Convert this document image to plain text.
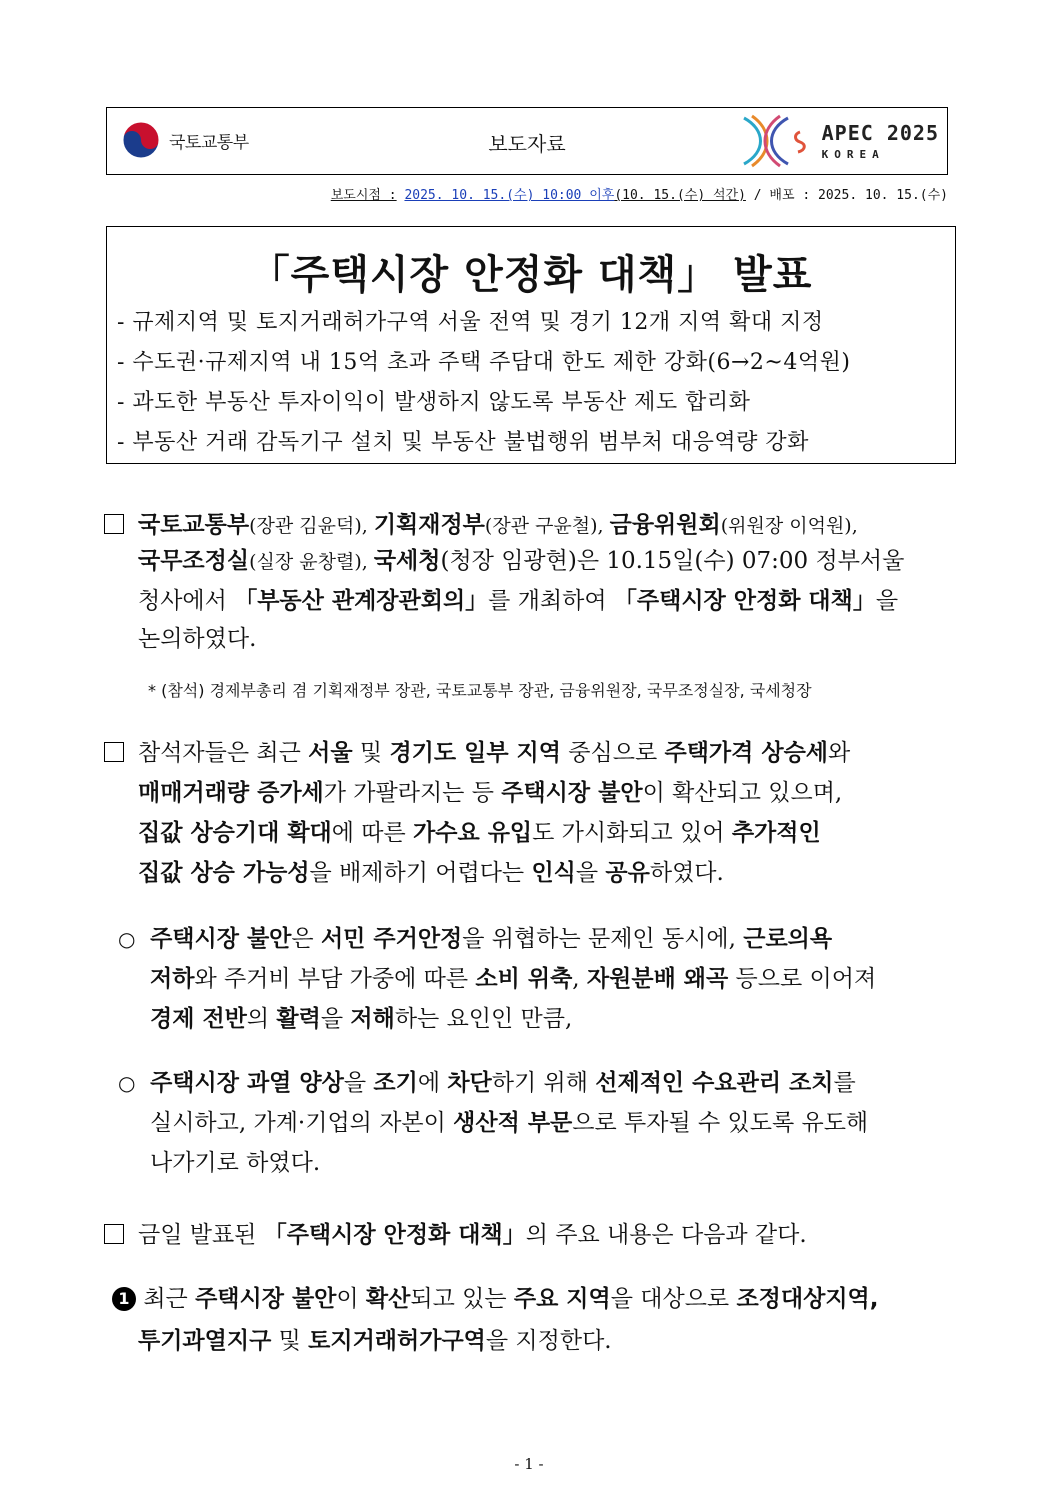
국토교통부	보도자료	APEC 2025
KOREA
보도시점 : 2025. 10. 15.(수) 10:00 이후(10. 15.(수) 석간) / 배포 : 2025. 10. 15.(수)
「주택시장 안정화 대책」 발표
- 규제지역 및 토지거래허가구역 서울 전역 및 경기 12개 지역 확대 지정
- 수도권·규제지역 내 15억 초과 주택 주담대 한도 제한 강화(6→2~4억원)
- 과도한 부동산 투자이익이 발생하지 않도록 부동산 제도 합리화
- 부동산 거래 감독기구 설치 및 부동산 불법행위 범부처 대응역량 강화
국토교통부(장관 김윤덕), 기획재정부(장관 구윤철), 금융위원회(위원장 이억원),
국무조정실(실장 윤창렬), 국세청(청장 임광현)은 10.15일(수) 07:00 정부서울
청사에서 「부동산 관계장관회의」를 개최하여 「주택시장 안정화 대책」을
논의하였다.
* (참석) 경제부총리 겸 기획재정부 장관, 국토교통부 장관, 금융위원장, 국무조정실장, 국세청장
참석자들은 최근 서울 및 경기도 일부 지역 중심으로 주택가격 상승세와
매매거래량 증가세가 가팔라지는 등 주택시장 불안이 확산되고 있으며,
집값 상승기대 확대에 따른 가수요 유입도 가시화되고 있어 추가적인
집값 상승 가능성을 배제하기 어렵다는 인식을 공유하였다.
○ 주택시장 불안은 서민 주거안정을 위협하는 문제인 동시에, 근로의욕
저하와 주거비 부담 가중에 따른 소비 위축, 자원분배 왜곡 등으로 이어져
경제 전반의 활력을 저해하는 요인인 만큼,
○ 주택시장 과열 양상을 조기에 차단하기 위해 선제적인 수요관리 조치를
실시하고, 가계·기업의 자본이 생산적 부문으로 투자될 수 있도록 유도해
나가기로 하였다.
금일 발표된 「주택시장 안정화 대책」의 주요 내용은 다음과 같다.
1 최근 주택시장 불안이 확산되고 있는 주요 지역을 대상으로 조정대상지역,
투기과열지구 및 토지거래허가구역을 지정한다.
- 1 -
